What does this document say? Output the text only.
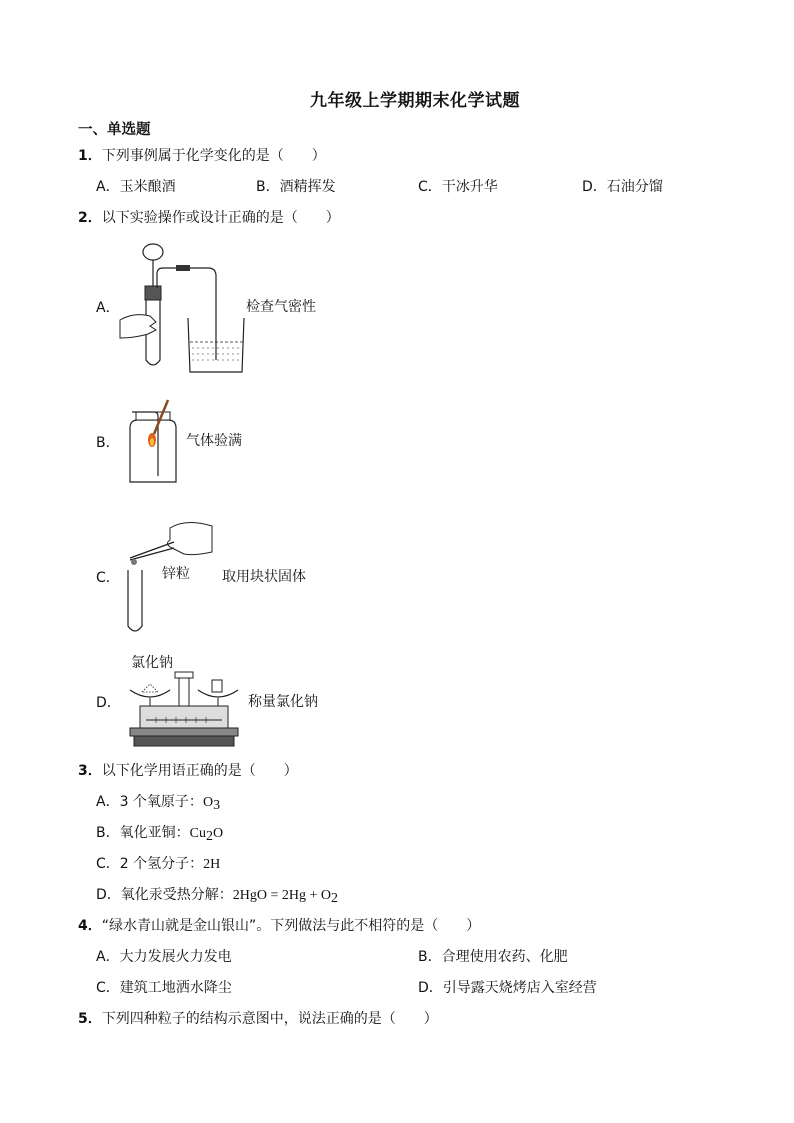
九年级上学期期末化学试题
一、单选题
1．下列事例属于化学变化的是（　　）
A．玉米酿酒	B．酒精挥发	C．干冰升华	D．石油分馏
2．以下实验操作或设计正确的是（　　）
A．	检查气密性
B．	气体验满
C．	锌粒 取用块状固体
D．
氯化钠
称量氯化钠
3．以下化学用语正确的是（　　）
A．3 个氧原子：$O_3$
B．氧化亚铜：$Cu_2O$
C．2 个氢分子：2H
D．氧化汞受热分解：$2HgO = 2Hg + O_2$
4．“绿水青山就是金山银山”。下列做法与此不相符的是（　　）
A．大力发展火力发电	B．合理使用农药、化肥
C．建筑工地洒水降尘	D．引导露天烧烤店入室经营
5．下列四种粒子的结构示意图中，说法正确的是（　　）
